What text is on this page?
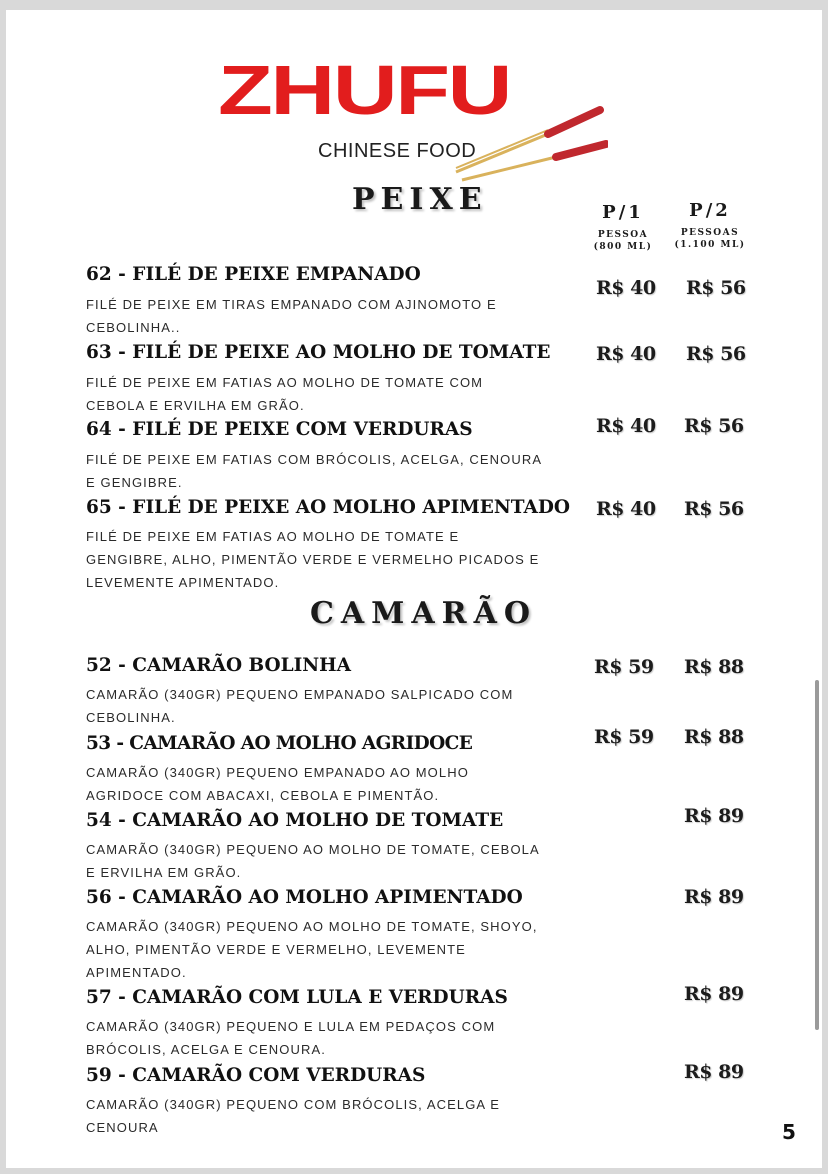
ZHUFU
CHINESE FOOD
PEIXE	P/1
PESSOA
(800 ML)
P/2
PESSOAS
(1.100 ML)
62 - FILÉ DE PEIXE EMPANADO
FILÉ DE PEIXE EM TIRAS EMPANADO COM AJINOMOTO E
CEBOLINHA..
R$ 40 R$ 56
63 - FILÉ DE PEIXE AO MOLHO DE TOMATE
FILÉ DE PEIXE EM FATIAS AO MOLHO DE TOMATE COM
CEBOLA E ERVILHA EM GRÃO.
R$ 40 R$ 56
64 - FILÉ DE PEIXE COM VERDURAS
FILÉ DE PEIXE EM FATIAS COM BRÓCOLIS, ACELGA, CENOURA
E GENGIBRE.
R$ 40 R$ 56
65 - FILÉ DE PEIXE AO MOLHO APIMENTADO
FILÉ DE PEIXE EM FATIAS AO MOLHO DE TOMATE E
GENGIBRE, ALHO, PIMENTÃO VERDE E VERMELHO PICADOS E
LEVEMENTE APIMENTADO.
R$ 40 R$ 56
CAMARÃO
52 - CAMARÃO BOLINHA
CAMARÃO (340GR) PEQUENO EMPANADO SALPICADO COM
CEBOLINHA.
R$ 59 R$ 88
53 - CAMARÃO AO MOLHO AGRIDOCE
CAMARÃO (340GR) PEQUENO EMPANADO AO MOLHO
AGRIDOCE COM ABACAXI, CEBOLA E PIMENTÃO.
R$ 59 R$ 88
54 - CAMARÃO AO MOLHO DE TOMATE
CAMARÃO (340GR) PEQUENO AO MOLHO DE TOMATE, CEBOLA
E ERVILHA EM GRÃO.
R$ 89
56 - CAMARÃO AO MOLHO APIMENTADO
CAMARÃO (340GR) PEQUENO AO MOLHO DE TOMATE, SHOYO,
ALHO, PIMENTÃO VERDE E VERMELHO, LEVEMENTE
APIMENTADO.
R$ 89
57 - CAMARÃO COM LULA E VERDURAS
CAMARÃO (340GR) PEQUENO E LULA EM PEDAÇOS COM
BRÓCOLIS, ACELGA E CENOURA.
R$ 89
59 - CAMARÃO COM VERDURAS
CAMARÃO (340GR) PEQUENO COM BRÓCOLIS, ACELGA E
CENOURA
R$ 89
5
